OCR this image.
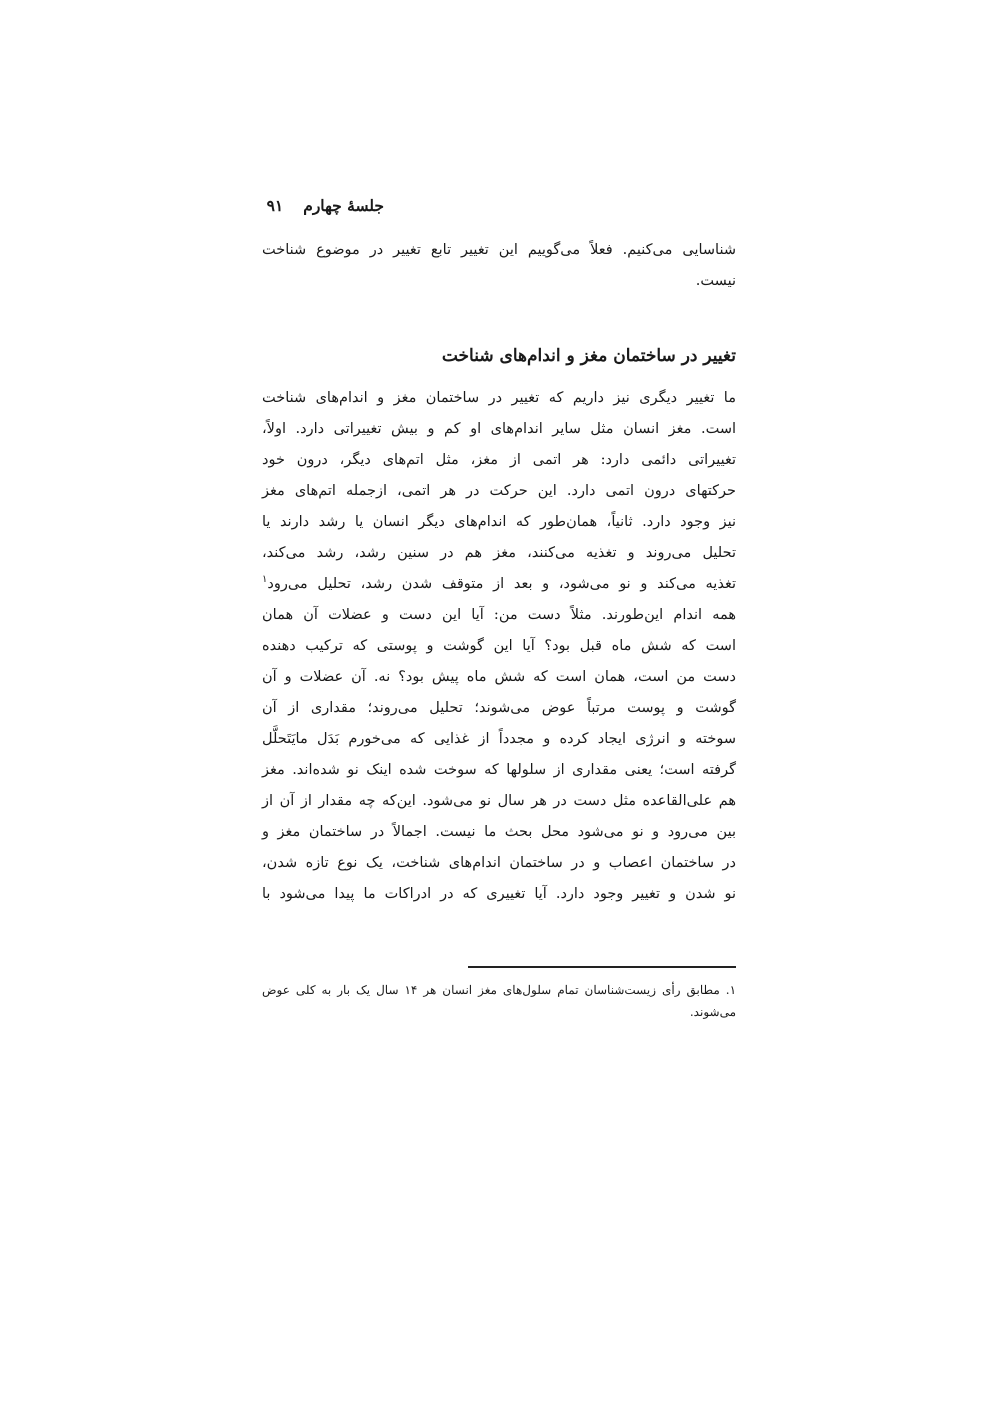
جلسهٔ چهارم
۹۱
شناسایی می‌کنیم. فعلاً می‌گوییم این تغییر تابع تغییر در موضوع شناخت
نیست.
تغییر در ساختمان مغز و اندام‌های شناخت
ما تغییر دیگری نیز داریم که تغییر در ساختمان مغز و اندام‌های شناخت
است. مغز انسان مثل سایر اندام‌های او کم و بیش تغییراتی دارد. اولاً،
تغییراتی دائمی دارد: هر اتمی از مغز، مثل اتم‌های دیگر، درون خود
حرکتهای درون اتمی دارد. این حرکت در هر اتمی، ازجمله اتم‌های مغز
نیز وجود دارد. ثانیاً، همان‌طور که اندام‌های دیگر انسان یا رشد دارند یا
تحلیل می‌روند و تغذیه می‌کنند، مغز هم در سنین رشد، رشد می‌کند،
تغذیه می‌کند و نو می‌شود، و بعد از متوقف شدن رشد، تحلیل می‌رود$^۱$
همه اندام این‌طورند. مثلاً دست من: آیا این دست و عضلات آن همان
است که شش ماه قبل بود؟ آیا این گوشت و پوستی که ترکیب دهنده
دست من است، همان است که شش ماه پیش بود؟ نه. آن عضلات و آن
گوشت و پوست مرتباً عوض می‌شوند؛ تحلیل می‌روند؛ مقداری از آن
سوخته و انرژی ایجاد کرده و مجدداً از غذایی که می‌خورم بَدَل مایَتَحلَّل
گرفته است؛ یعنی مقداری از سلولها که سوخت شده اینک نو شده‌اند. مغز
هم علی‌القاعده مثل دست در هر سال نو می‌شود. این‌که چه مقدار از آن از
بین می‌رود و نو می‌شود محل بحث ما نیست. اجمالاً در ساختمان مغز و
در ساختمان اعصاب و در ساختمان اندام‌های شناخت، یک نوع تازه شدن،
نو شدن و تغییر وجود دارد. آیا تغییری که در ادراکات ما پیدا می‌شود با
۱. مطابق رأی زیست‌شناسان تمام سلول‌های مغز انسان هر ۱۴ سال یک بار به کلی عوض
می‌شوند.
